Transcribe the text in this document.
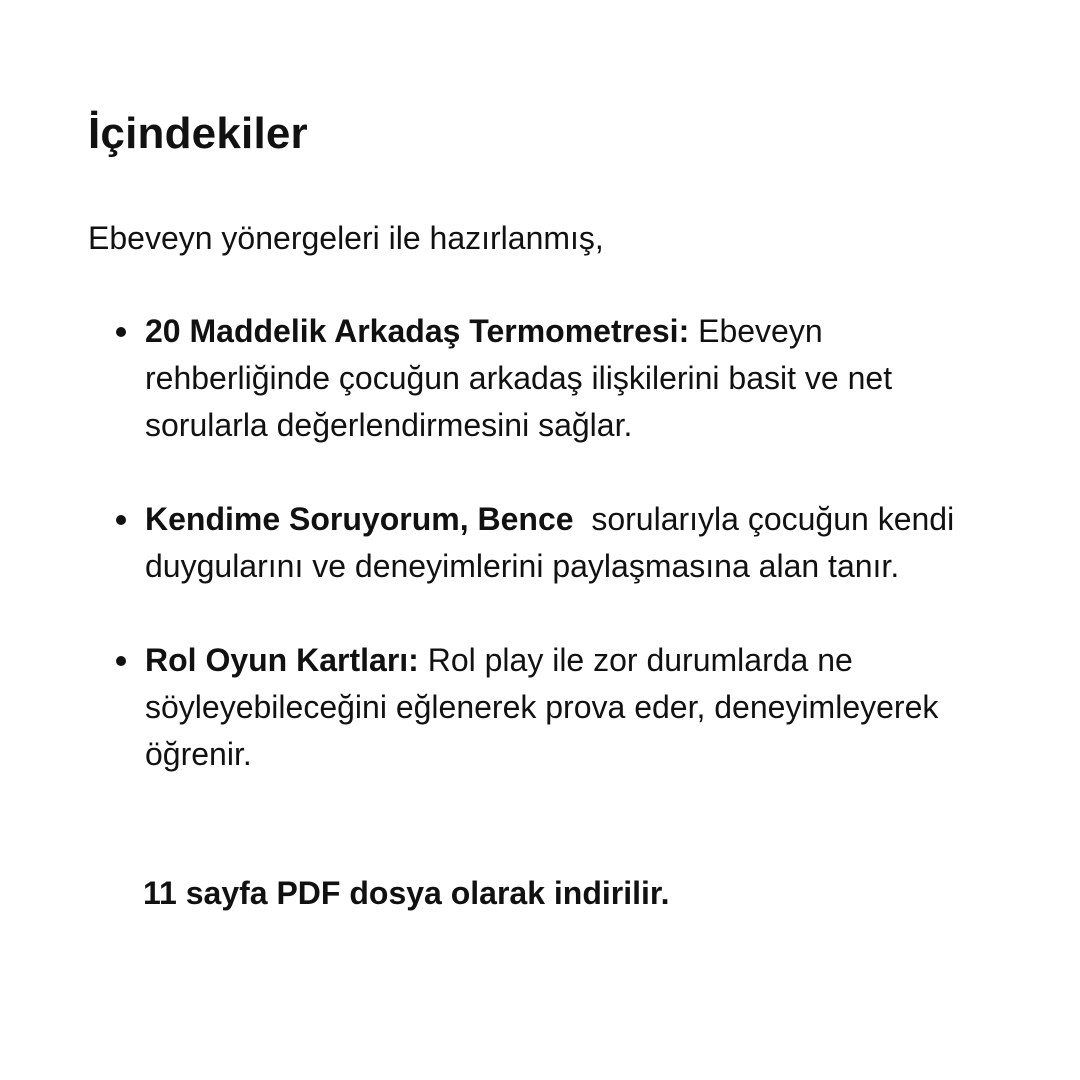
İçindekiler

Ebeveyn yönergeleri ile hazırlanmış,

20 Maddelik Arkadaş Termometresi: Ebeveyn rehberliğinde çocuğun arkadaş ilişkilerini basit ve net sorularla değerlendirmesini sağlar.
Kendime Soruyorum, Bence  sorularıyla çocuğun kendi duygularını ve deneyimlerini paylaşmasına alan tanır.
Rol Oyun Kartları: Rol play ile zor durumlarda ne söyleyebileceğini eğlenerek prova eder, deneyimleyerek öğrenir.

11 sayfa PDF dosya olarak indirilir.
